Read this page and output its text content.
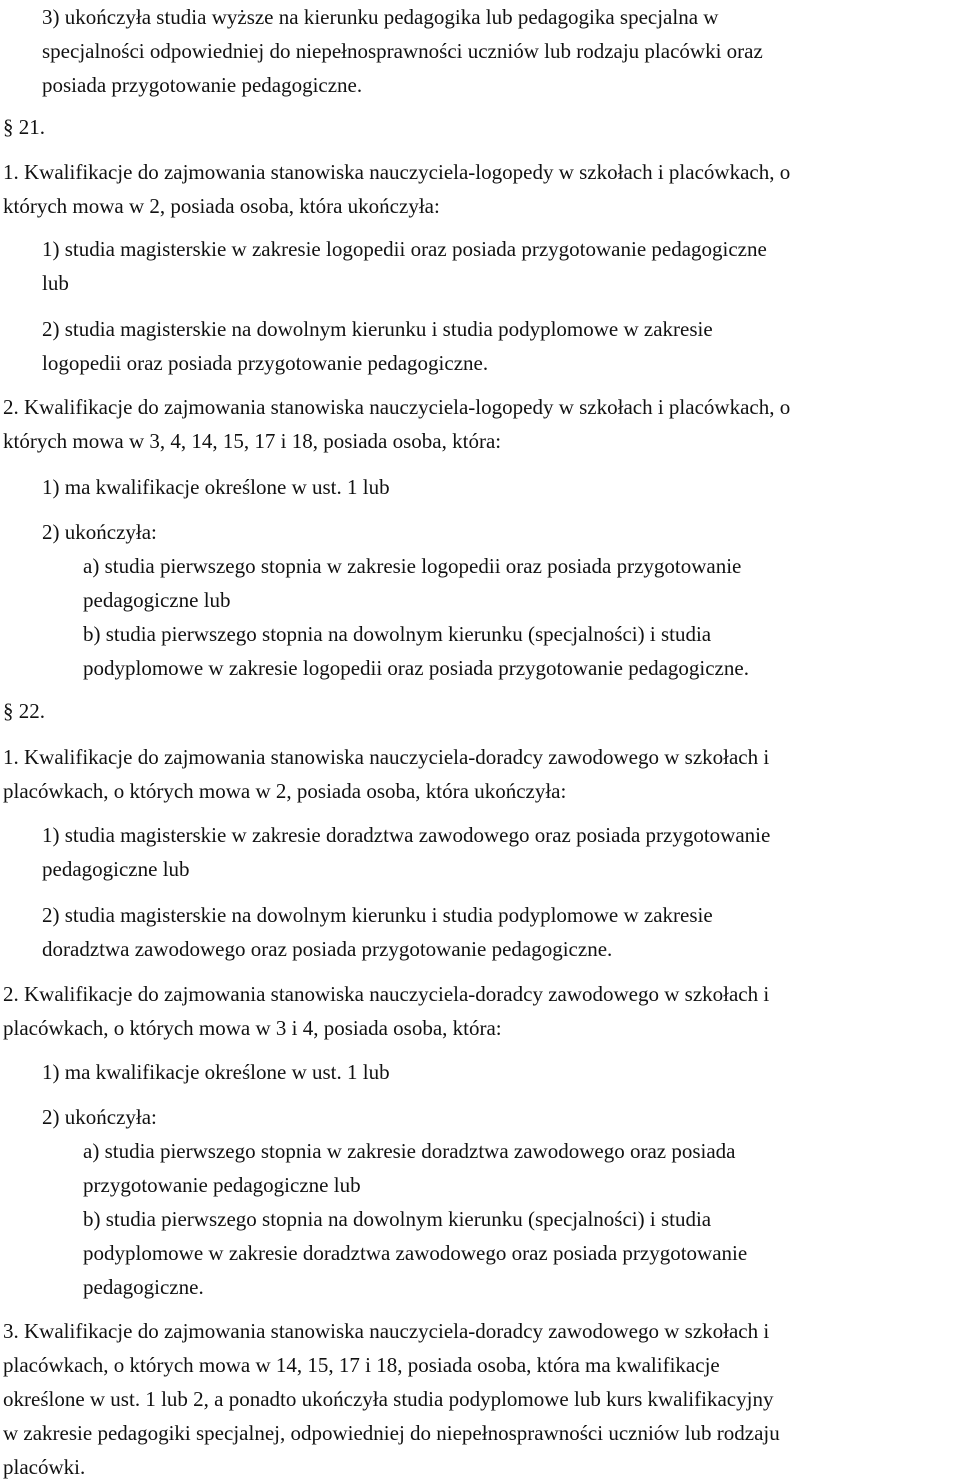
3) ukończyła studia wyższe na kierunku pedagogika lub pedagogika specjalna w

specjalności odpowiedniej do niepełnosprawności uczniów lub rodzaju placówki oraz

posiada przygotowanie pedagogiczne.

§ 21.

1. Kwalifikacje do zajmowania stanowiska nauczyciela-logopedy w szkołach i placówkach, o

których mowa w 2, posiada osoba, która ukończyła:

1) studia magisterskie w zakresie logopedii oraz posiada przygotowanie pedagogiczne

lub

2) studia magisterskie na dowolnym kierunku i studia podyplomowe w zakresie

logopedii oraz posiada przygotowanie pedagogiczne.

2. Kwalifikacje do zajmowania stanowiska nauczyciela-logopedy w szkołach i placówkach, o

których mowa w 3, 4, 14, 15, 17 i 18, posiada osoba, która:

1) ma kwalifikacje określone w ust. 1 lub

2) ukończyła:

a) studia pierwszego stopnia w zakresie logopedii oraz posiada przygotowanie

pedagogiczne lub

b) studia pierwszego stopnia na dowolnym kierunku (specjalności) i studia

podyplomowe w zakresie logopedii oraz posiada przygotowanie pedagogiczne.

§ 22.

1. Kwalifikacje do zajmowania stanowiska nauczyciela-doradcy zawodowego w szkołach i

placówkach, o których mowa w 2, posiada osoba, która ukończyła:

1) studia magisterskie w zakresie doradztwa zawodowego oraz posiada przygotowanie

pedagogiczne lub

2) studia magisterskie na dowolnym kierunku i studia podyplomowe w zakresie

doradztwa zawodowego oraz posiada przygotowanie pedagogiczne.

2. Kwalifikacje do zajmowania stanowiska nauczyciela-doradcy zawodowego w szkołach i

placówkach, o których mowa w 3 i 4, posiada osoba, która:

1) ma kwalifikacje określone w ust. 1 lub

2) ukończyła:

a) studia pierwszego stopnia w zakresie doradztwa zawodowego oraz posiada

przygotowanie pedagogiczne lub

b) studia pierwszego stopnia na dowolnym kierunku (specjalności) i studia

podyplomowe w zakresie doradztwa zawodowego oraz posiada przygotowanie

pedagogiczne.

3. Kwalifikacje do zajmowania stanowiska nauczyciela-doradcy zawodowego w szkołach i

placówkach, o których mowa w 14, 15, 17 i 18, posiada osoba, która ma kwalifikacje

określone w ust. 1 lub 2, a ponadto ukończyła studia podyplomowe lub kurs kwalifikacyjny

w zakresie pedagogiki specjalnej, odpowiedniej do niepełnosprawności uczniów lub rodzaju

placówki.
